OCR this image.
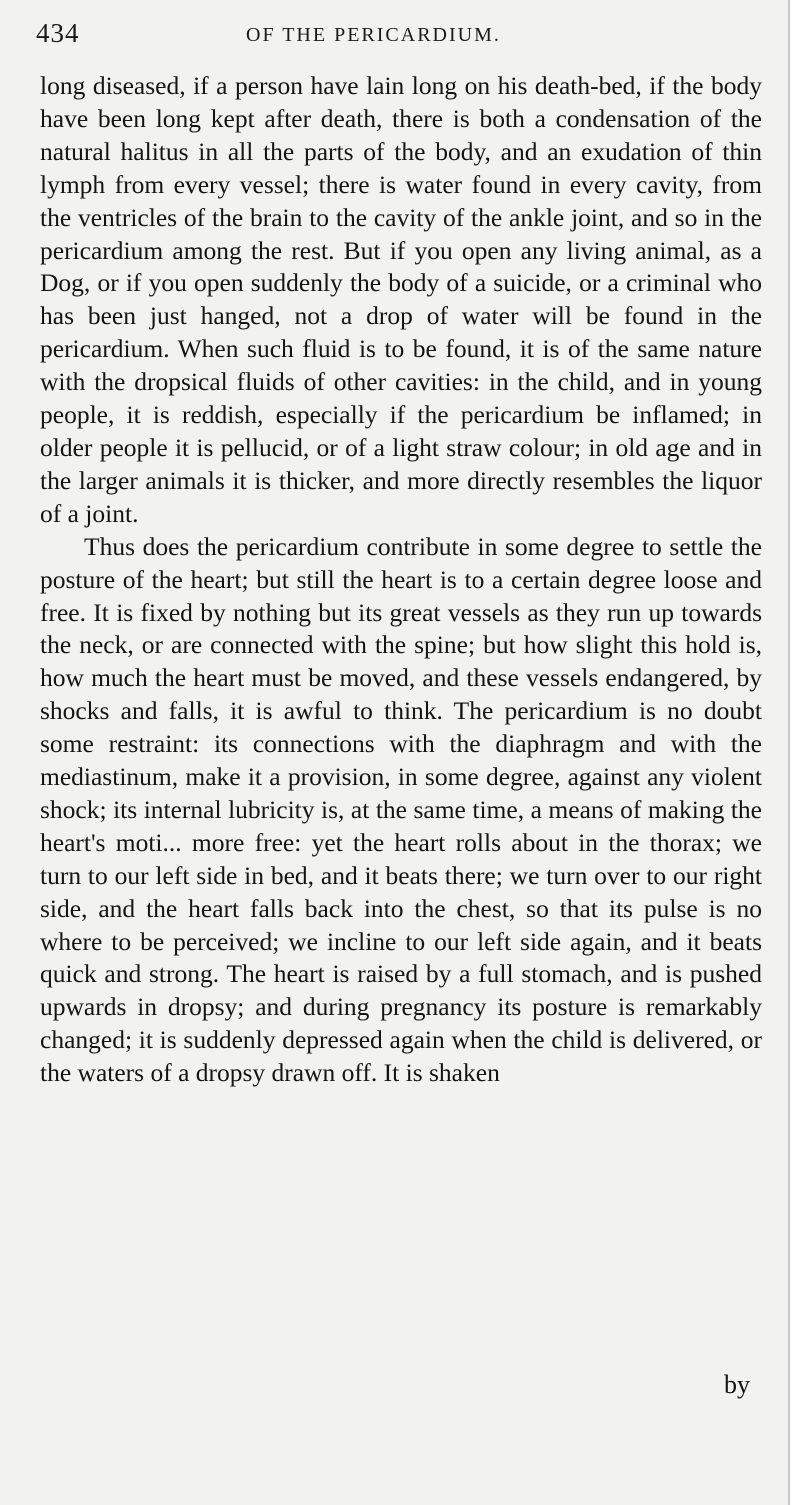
434	OF THE PERICARDIUM.

long diseased, if a person have lain long on his death-bed, if the body have been long kept after death, there is both a condensation of the natural halitus in all the parts of the body, and an exudation of thin lymph from every vessel; there is water found in every cavity, from the ventricles of the brain to the cavity of the ankle joint, and so in the pericardium among the rest. But if you open any living animal, as a Dog, or if you open suddenly the body of a suicide, or a criminal who has been just hanged, not a drop of water will be found in the pericardium. When such fluid is to be found, it is of the same nature with the dropsical fluids of other cavities: in the child, and in young people, it is reddish, especially if the pericardium be inflamed; in older people it is pellucid, or of a light straw colour; in old age and in the larger animals it is thicker, and more directly resembles the liquor of a joint.

Thus does the pericardium contribute in some degree to settle the posture of the heart; but still the heart is to a certain degree loose and free. It is fixed by nothing but its great vessels as they run up towards the neck, or are connected with the spine; but how slight this hold is, how much the heart must be moved, and these vessels endangered, by shocks and falls, it is awful to think. The pericardium is no doubt some restraint: its connections with the diaphragm and with the mediastinum, make it a provision, in some degree, against any violent shock; its internal lubricity is, at the same time, a means of making the heart's moti... more free: yet the heart rolls about in the thorax; we turn to our left side in bed, and it beats there; we turn over to our right side, and the heart falls back into the chest, so that its pulse is no where to be perceived; we incline to our left side again, and it beats quick and strong. The heart is raised by a full stomach, and is pushed upwards in dropsy; and during pregnancy its posture is remarkably changed; it is suddenly depressed again when the child is delivered, or the waters of a dropsy drawn off. It is shaken

by
